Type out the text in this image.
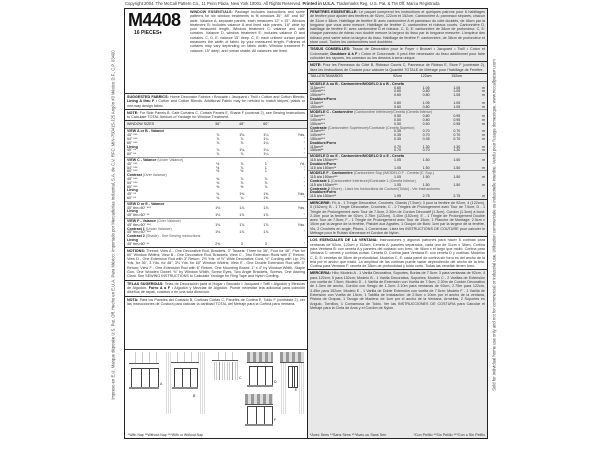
Copyright 2004. The McCall Pattern Co., 11 Penn Plaza, New York 10001. All Rights Reserved. Printed in U.S.A. Trademarks Reg. U.S. Pat. & TM Off. Marca Registrada
Impreso en E.U. Marque déposée U.S. Pat. Off. Hecho en E.U.A. Para México: Importado por Mercaderías Industrial, S.A. de C.V. RFC: MIN-750415-J25 Angón #3 México D.F., C.P. 03400	Sold for individual home use only and not for commercial or industrial use. Utilisation commerciale ou industrielle interdite. Vendu pour l'usage domestique. www.mccallpattern.com
M4408
16 PIECES♦
WINDOW ESSENTIALS: Package includes instructions and some patterns for six window treatments to fit windows 36", 48" and 60" wide. Valance A: separate panels, each measures 12" x 15". Window treatment B: includes valance A and lined side panels, 18" wide by your measured length. Window treatment C: valance and cafe curtains. Valance D, window treatment E: includes valance D and curtains. C, D, E: valance 15" deep. C, E: each unlined curtain panel measures the width of fabric by your measured length. Fullness of curtains may vary depending on fabric width. Window treatment F: valance, 15" deep, and roman shade. All valances are lined.
SUGGESTED FABRICS: Home Decorator Fabrics • Brocade • Jacquard • Twill • Cotton and Cotton Blends; Lining A thru F • Cotton and Cotton Blends. Additional Fabric may be needed to match stripes, plaids or one-way design fabric.
NOTE: For Side Panels B, Cafe Curtains C, Curtain Panels E, Shade F (contrast 2), see Sewing Instructions to Calculate TOTAL Amount of Yardage for Window Treatment.
WINDOW SIZES	36"	48"	60"	
VIEW A or B - Valance				
45" ***	⅞	1⅛	1¼	Yds.
54" ***	⅞	⅞	1¼	"
60" ***	⅞	⅞	1¼	"
Lining				
45" **	⅞	1⅛	1¼	"
60" **	⅞	⅞	1¼	"
VIEW C - Valance (Under Valance)				
45" ***	½	⅞	1	Yd.
54" ***	½	⅞	1	"
60" ***	½	½	1	"
Contrast (Over Valance)				
45" ***	⅜	⅞	⅞	"
54" ***	⅜	⅞	⅞	"
60" ***	⅜	⅜	⅞	"
Lining				
45" **	¾	1⅜	1⅜	Yds.
60" **	¾	¾	1⅜	"
VIEW D or E - Valance				
45" thru 60" ***	1⅛	1⅞	1⅞	Yds.
Lining				
45" thru 60" **	1⅛	1⅞	1⅞	"
VIEW F - Valance (Over Valance)				
45" thru 60" ***	1⅛	1⅞	1⅞	Yds.
Contrast 1 (Under Valance)				
45" thru 60" ***	1⅛	1⅞	1⅞	"
Contrast 2 (Shade) - See Sewing Instructions				
Lining				
45" thru 60" **	2⅜	3	3	"
NOTIONS: Thread; View A - One Decorative Rod, Brackets, 3" Tassels: Three for 36", Four for 48", Five for 60" Window Widths; View B - One Decorative Rod, Brackets; View C - Two Extension Rods with 3" Return; View D - One Extension Rod with 3" Return, 2½ Yds. of ½" Wide Decorative Cord, ½" Cording with Lip: 2½ Yds. for 36", 3 Yds. for 48", 3⅔ Yds. for 60" Window Widths; View E - One Double Extension Rod with 3" Return; View F - One Extension Rod with 6" Return, One Mounting Board: 1" x 4" by Window Width, Staple Gun, One Wooden Dowel: ⅜" by Window Width, Screw Eyes, Two Angle Brackets, Screws, One Awning Cleat. See SEWING INSTRUCTIONS to Calculate Yardage for Ring Tape and Nylon Cording.
TELAS SUGERIDAS: Telas de Decoración para el Hogar • Brocado • Jacquard • Twill • Algodón y Mezclas de Algodón. Forro A a F • Algodón y Mezclas de Algodón. Puede necesitar tela adicional para coincidir diseños de rayas, cuadros o en una sola dirección.
NOTA: Para los Paneles del Costado B, Cortinas Cortas C, Paneles de Cortina E, Toldo F (contraste 2), ver las Instrucciones de Costura para calcular la cantidad TOTAL del Metraje para la Cortina para Ventana.
A
B
C
D
E
F
*With Nap **Without Nap ***With or Without Nap
FENETRES ESSENTIELLE: Le paquet comprend les instructions et quelques patrons pour 6 habillages de fenêtre pour ajuster des fenêtres de 92cm, 122cm et 152cm. Cantonnière A: panneaux séparés, chacun de 31cm x 38cm. Habillage de fenêtre B: avec cantonnière A et panneaux du côté doublés, de 46cm par la longueur que vous avez mesuré. Habillage de fenêtre C: cantonnière et rideaux courts. Cantonnière D, habillage de fenêtre E: avec cantonnière D et rideaux. C, D, E: cantonnière de 38cm de profondeur. C, E: chaque panneau de rideau non doublé mesure la largeur du tissu par la longueur mesurée. L'ampleur des rideaux peut varier selon la largeur du tissu. Habillage de fenêtre F: cantonnière, de 38cm de profondeur et store court. Toutes les cantonnières sont doublées.
TISSUS CONSEILLES: Tissus de Décoration pour le Foyer • Brocart • Jacquard • Twill • Coton et Cotonnade; Doublure A à F • Coton et Cotonnade. Il peut être nécessaire du tissu additionnel pour faire coïncider les rayures, les carreaux ou les dessins à sens unique.
NOTE: Pour les Panneaux du Côté B, Rideaux Courts C, Panneaux de Rideau E, Store F (contraste 2), lisez les Instructions de Couture pour calculer la Quantité TOTALE de Métrage pour l'habillage de Fenêtre.
TAILLES/TAMAÑOS	92cm	122cm	152cm	
MODELE A ou B - Cantonnière/MODELO A o B - Cenefa				
115cm***	0.60	1.05	1.05	m
140cm***	0.60	0.80	1.05	m
150cm***	0.60	0.80	1.05	m
Doublure/Forro				
115cm**	0.60	1.05	1.05	m
150cm**	0.60	0.80	1.05	m
MODELE C - Cantonnière (Cantonnière Inférieure)/Cenefa (Cenefa Inferior)				
115cm***	0.50	0.80	0.95	m
140cm***	0.50	0.80	0.95	m
150cm***	0.50	0.50	0.95	m
Contraste (Cantonnière Supérieure)/Contraste (Cenefa Superior)				
115cm***	0.35	0.70	0.70	m
140cm***	0.35	0.70	0.70	m
150cm***	0.35	0.35	0.70	m
Doublure/Forro				
115cm**	0.70	1.30	1.30	m
150cm**	0.70	0.70	1.30	m
MODELE D ou E - Cantonnière/MODELO D o E - Cenefa				
115 à/a 150cm***	1.05	1.50	1.50	m
Doublure/Forro				
115 à/a 150cm**	1.05	1.50	1.50	m
MODELE F - Cantonnière (Cantonnière Sup.)/MODELO F - Cenefa (C. Sup.)				
115 à/a 150cm***	1.05	1.50	1.50	m
Contraste 1 (Cantonnière Inférieure)/Contraste 1 (Cenefa Inferior)				
115 à/a 150cm***	1.05	1.50	1.50	m
Contraste 2 (Store) - Lisez les Instructions de Couture/(Toldo) - Ver Instrucciones				
Doublure/Forro				
115 à/a 150cm**	1.95	2.75	2.75	m
MERCERIE: Fil; A - 1 Tringle Décorative, Crochets, Glands (7.5cm): 3 pour la fenêtre de 92cm, 4 (122cm), 5 (152cm); B - 1 Tringle Décorative, Crochets; C - 2 Tringles de Prolongement avec Tour de 7.5cm; D - 1 Tringle de Prolongement avec Tour de 7.5cm, 2.30m de Cordon Décoratif (1.3cm), Cordon (1.3cm) à bord: 2.10m pour la fenêtre de 92cm, 2.75m (122cm), 3.40m (152cm); E - 1 Tringle de Prolongement Double avec Tour de 7.5cm; F - 1 Tringle de Prolongement avec Tour de 15cm, 1 Planche de Montage: 2.5cm x 10cm par la largeur de la fenêtre, Pistolet aux Agrafes, 1 Goujon de Bois: 1cm par la largeur de la fenêtre, Vis, 2 Crochets en angle, Pitons, 1 Cornemuse. Lisez les INSTRUCTIONS DE COUTURE pour calculer le Métrage pour le Ruban d'anneaux et Cordon de Nylon.
LOS ESENCIALES DE LA VENTANA: Instrucciones y algunos patrones para hacer 6 cortinas para ventanas de 92cm, 122cm y 152cm. Cenefa A: paneles separados, cada uno de 31cm x 38cm. Cortina para Ventana B: con cenefa A y paneles del costado con forro, de 46cm x el largo que midió. Cortina para Ventana C: cenefa y cortinas cortas. Cenefa D, Cortina para Ventana E: con cenefa D y cortinas. Modelos C, D, E: cenefas de 38cm de profundidad. Modelos C, E: cada panel de cortina sin forro es del ancho de la tela por el ancho que midió. La amplitud de las cortinas puede variar dependiendo del ancho de la tela. Cortina para Ventana F: cenefa de 38cm de profundidad y toldo corto. Todas las cenefas tienen forro.
MERCERIA: Hilo; Modelo A - 1 Varilla Decorativa, Soportes, Borlas de 7.5cm: 3 para ventanas de 92cm, 4 para 122cm; 5 para 152cm; Modelo B - 1 Varilla Decorativa, Soportes; Modelo C - 2 Varillas de Extensión con vuelta de 7.5cm; Modelo D - 1 Varilla de Extensión con Vuelta de 7.5cm, 2.30m de Cordón Decorativo de 1.3cm de ancho, Cordón con Sesgo de 1.3cm: 2.10m para ventanas de 92cm, 2.75m para 122cm, 3.45m para 152cm; Modelo E - 1 Varilla de Doble Extensión con vuelta de 7.5cm; Modelo F - 1 Varilla de Extensión con Vuelta de 15cm, 1 Tablilla de Instalación: de 2.5cm x 10cm por el ancho de la ventana, Pistola de Grapas, 1 Tarugo de Madera: de 1cm por el ancho de la Ventana, Armellas, 2 Soportes en Angulo, Tornillos, 1 Cornamusa de Toldo. Ver las INSTRUCCIONES DE COSTURA para Calcular el Metraje para la Cinta de Aros y el Cordón de Nylon.
*Avec Sens **Sans Sens ***Avec ou Sans Sen	*Con Pelillo **Sin Pelillo ***Con o Sin Pelillo
